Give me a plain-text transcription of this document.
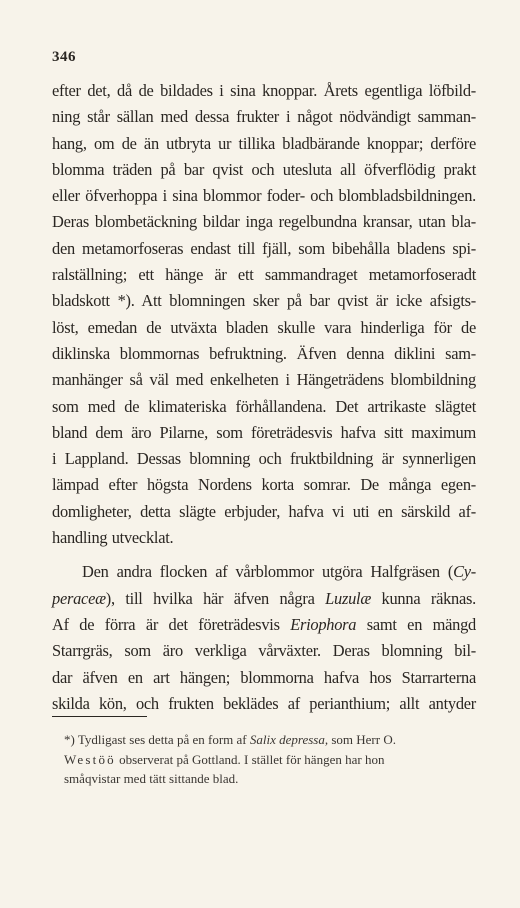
346
efter det, då de bildades i sina knoppar. Årets egentliga löfbild-
ning står sällan med dessa frukter i något nödvändigt samman-
hang, om de än utbryta ur tillika bladbärande knoppar; derföre
blomma träden på bar qvist och utesluta all öfverflödig prakt
eller öfverhoppa i sina blommor foder- och blombladsbildningen.
Deras blombetäckning bildar inga regelbundna kransar, utan bla-
den metamorfoseras endast till fjäll, som bibehålla bladens spi-
ralställning; ett hänge är ett sammandraget metamorfoseradt
bladskott *). Att blomningen sker på bar qvist är icke afsigts-
löst, emedan de utväxta bladen skulle vara hinderliga för de
diklinska blommornas befruktning. Äfven denna diklini sam-
manhänger så väl med enkelheten i Hängeträdens blombildning
som med de klimateriska förhållandena. Det artrikaste slägtet
bland dem äro Pilarne, som företrädesvis hafva sitt maximum
i Lappland. Dessas blomning och fruktbildning är synnerligen
lämpad efter högsta Nordens korta somrar. De många egen-
domligheter, detta slägte erbjuder, hafva vi uti en särskild af-
handling utvecklat.
Den andra flocken af vårblommor utgöra Halfgräsen (Cy-
peraceæ), till hvilka här äfven några Luzulæ kunna räknas.
Af de förra är det företrädesvis Eriophora samt en mängd
Starrgräs, som äro verkliga vårväxter. Deras blomning bil-
dar äfven en art hängen; blommorna hafva hos Starrarterna
skilda kön, och frukten beklädes af perianthium; allt antyder
*) Tydligast ses detta på en form af Salix depressa, som Herr O.
Westöö observerat på Gottland. I stället för hängen har hon
småqvistar med tätt sittande blad.
